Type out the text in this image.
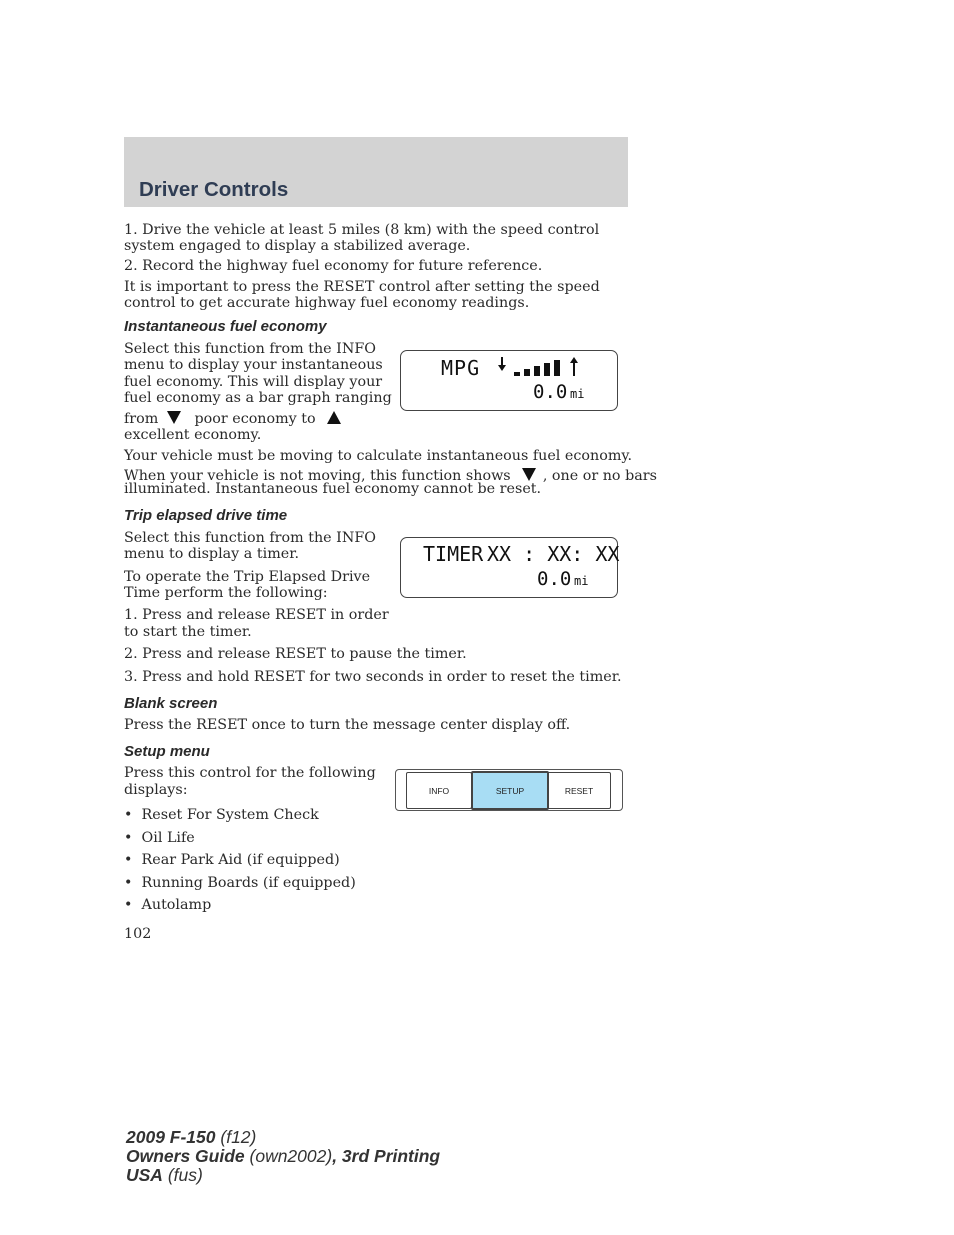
Driver Controls

1. Drive the vehicle at least 5 miles (8 km) with the speed control system engaged to display a stabilized average.

2. Record the highway fuel economy for future reference.

It is important to press the RESET control after setting the speed control to get accurate highway fuel economy readings.

Instantaneous fuel economy

Select this function from the INFO

menu to display your instantaneous

fuel economy. This will display your

fuel economy as a bar graph ranging

from	poor economy to

excellent economy.

MPG
0.0 mi

Your vehicle must be moving to calculate instantaneous fuel economy.

When your vehicle is not moving, this function shows , one or no bars

illuminated. Instantaneous fuel economy cannot be reset.

Trip elapsed drive time

Select this function from the INFO

menu to display a timer.

To operate the Trip Elapsed Drive

Time perform the following:

1. Press and release RESET in order

to start the timer.

2. Press and release RESET to pause the timer.

3. Press and hold RESET for two seconds in order to reset the timer.

TIMER XX : XX: XX
0.0 mi
Blank screen

Press the RESET once to turn the message center display off.

Setup menu

Press this control for the following

displays:	INFO	SETUP	RESET
•  Reset For System Check
•  Oil Life
•  Rear Park Aid (if equipped)
•  Running Boards (if equipped)
•  Autolamp

102

2009 F-150 (f12)
Owners Guide (own2002), 3rd Printing
USA (fus)
